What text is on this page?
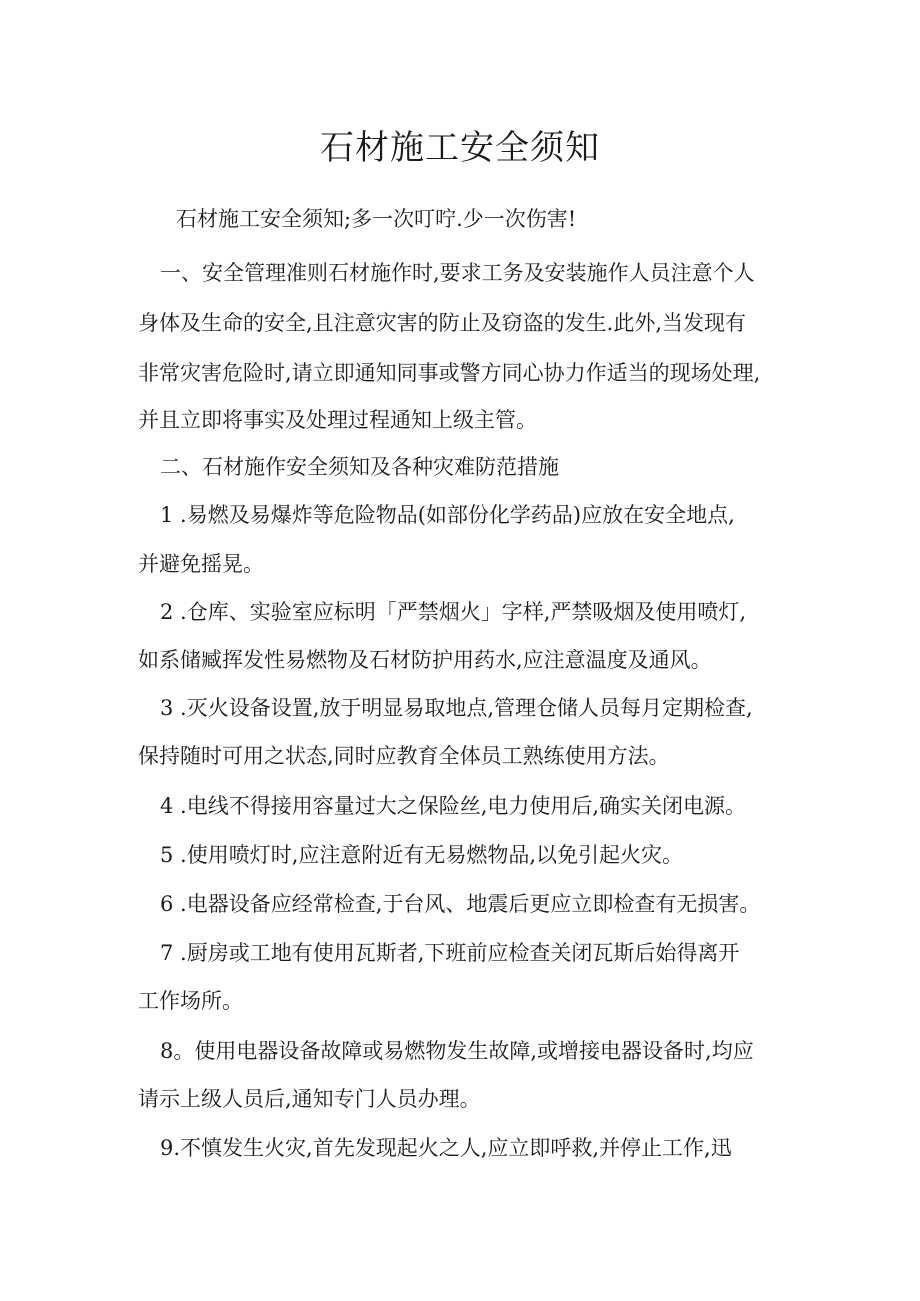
石材施工安全须知

石材施工安全须知;多一次叮咛.少一次伤害!

一、安全管理准则石材施作时,要求工务及安装施作人员注意个人

身体及生命的安全,且注意灾害的防止及窃盗的发生.此外,当发现有

非常灾害危险时,请立即通知同事或警方同心协力作适当的现场处理,

并且立即将事实及处理过程通知上级主管。

二、石材施作安全须知及各种灾难防范措施

1 .易燃及易爆炸等危险物品(如部份化学药品)应放在安全地点,

并避免摇晃。

2 .仓库、实验室应标明「严禁烟火」字样,严禁吸烟及使用喷灯,

如系储臧挥发性易燃物及石材防护用药水,应注意温度及通风。

3 .灭火设备设置,放于明显易取地点,管理仓储人员每月定期检查,

保持随时可用之状态,同时应教育全体员工熟练使用方法。

4 .电线不得接用容量过大之保险丝,电力使用后,确实关闭电源。

5 .使用喷灯时,应注意附近有无易燃物品,以免引起火灾。

6 .电器设备应经常检查,于台风、地震后更应立即检查有无损害。

7 .厨房或工地有使用瓦斯者,下班前应检查关闭瓦斯后始得离开

工作场所。

8。使用电器设备故障或易燃物发生故障,或增接电器设备时,均应

请示上级人员后,通知专门人员办理。

9.不慎发生火灾,首先发现起火之人,应立即呼救,并停止工作,迅
